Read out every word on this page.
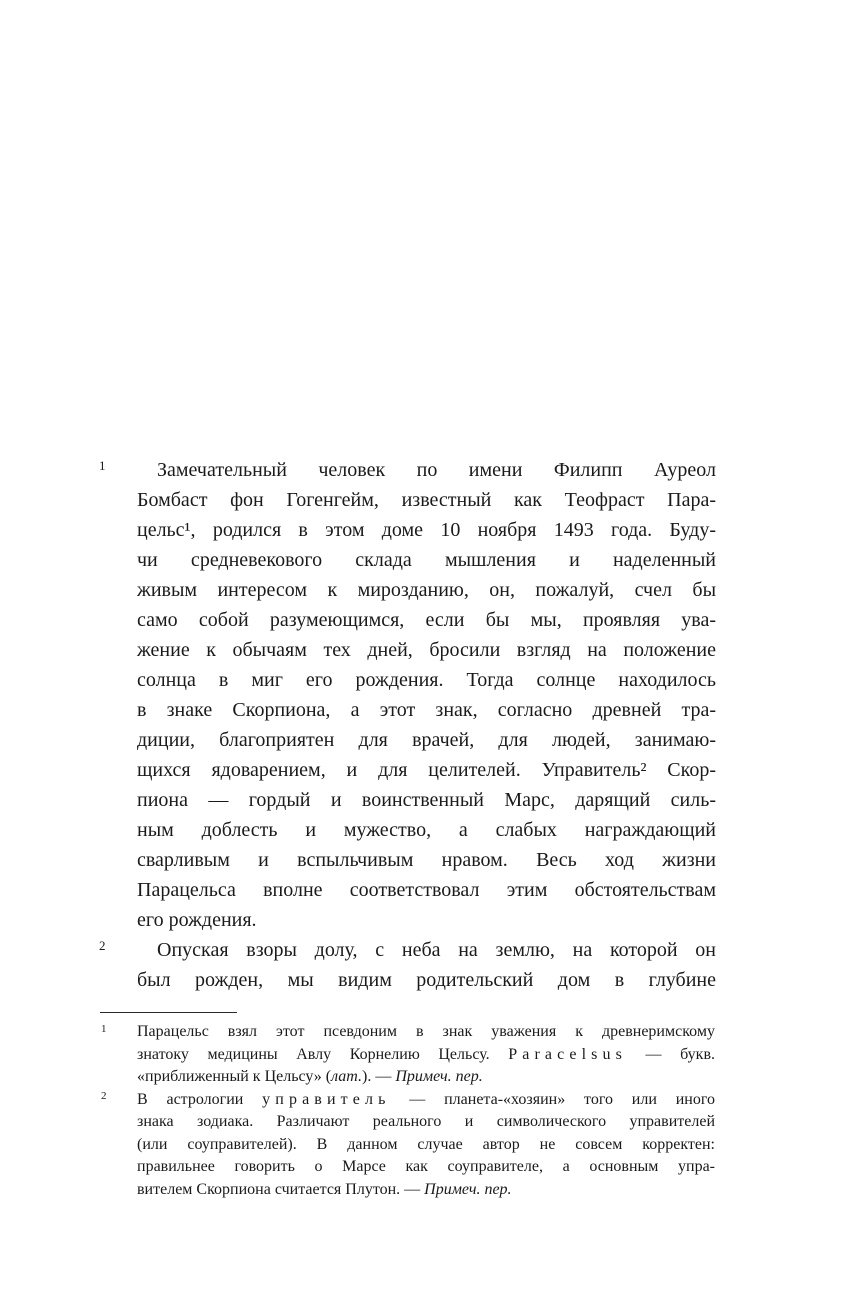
1
2
Замечательный человек по имени Филипп Ауреол
Бомбаст фон Гогенгейм, известный как Теофраст Пара-
цельс¹, родился в этом доме 10 ноября 1493 года. Буду-
чи средневекового склада мышления и наделенный
живым интересом к мирозданию, он, пожалуй, счел бы
само собой разумеющимся, если бы мы, проявляя ува-
жение к обычаям тех дней, бросили взгляд на положение
солнца в миг его рождения. Тогда солнце находилось
в знаке Скорпиона, а этот знак, согласно древней тра-
диции, благоприятен для врачей, для людей, занимаю-
щихся ядоварением, и для целителей. Управитель² Скор-
пиона — гордый и воинственный Марс, дарящий силь-
ным доблесть и мужество, а слабых награждающий
сварливым и вспыльчивым нравом. Весь ход жизни
Парацельса вполне соответствовал этим обстоятельствам
его рождения.
Опуская взоры долу, с неба на землю, на которой он
был рожден, мы видим родительский дом в глубине
1
2
Парацельс взял этот псевдоним в знак уважения к древнеримскому
знатоку медицины Авлу Корнелию Цельсу. Paracelsus — букв.
«приближенный к Цельсу» (лат.). — Примеч. пер.
В астрологии управитель — планета-«хозяин» того или иного
знака зодиака. Различают реального и символического управителей
(или соуправителей). В данном случае автор не совсем корректен:
правильнее говорить о Марсе как соуправителе, а основным упра-
вителем Скорпиона считается Плутон. — Примеч. пер.
